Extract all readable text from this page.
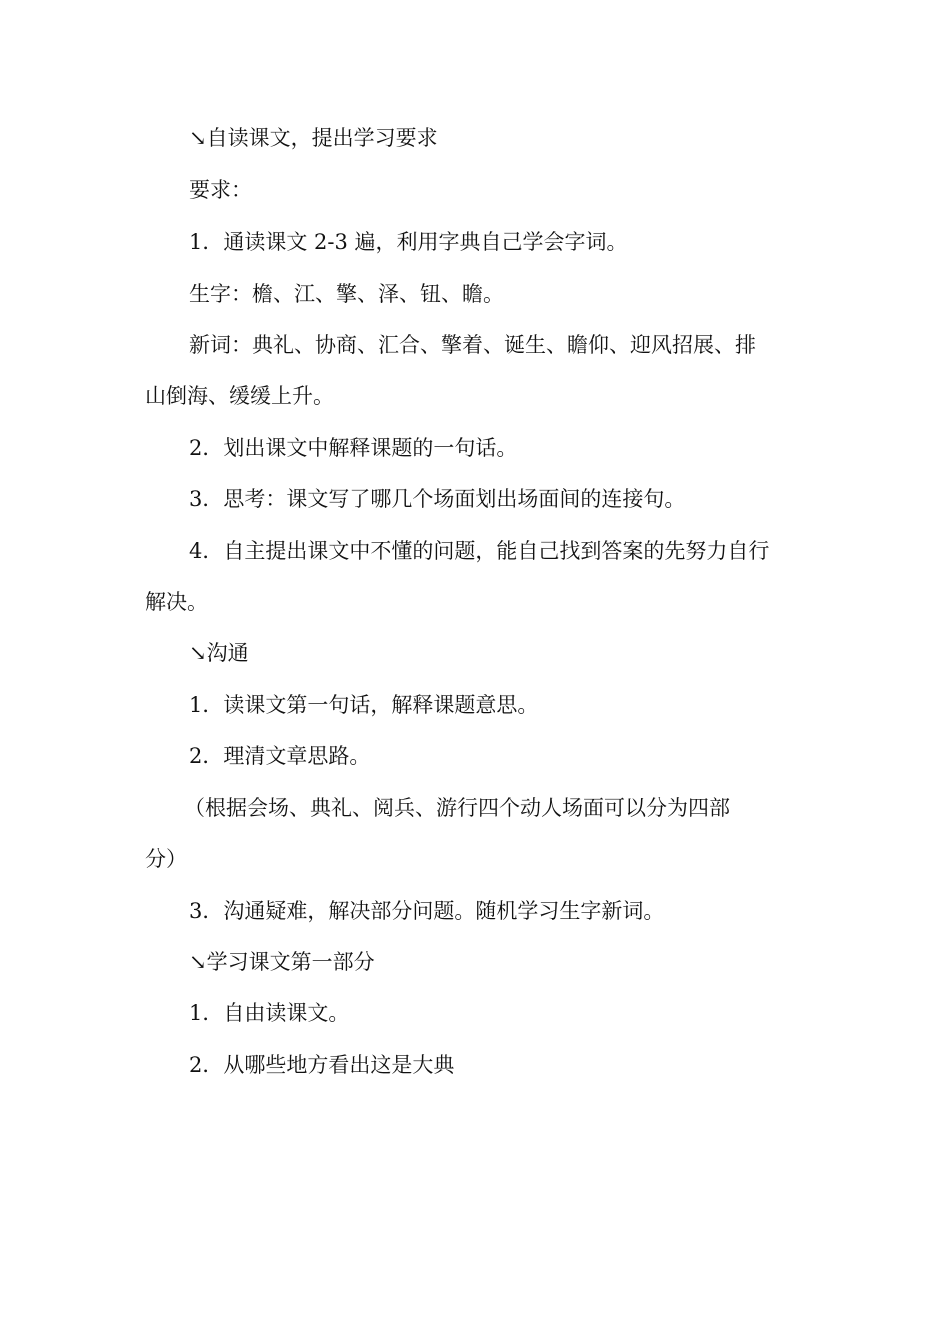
↘自读课文，提出学习要求
要求：
1．通读课文 2-3 遍，利用字典自己学会字词。
生字：檐、江、擎、泽、钮、瞻。
新词：典礼、协商、汇合、擎着、诞生、瞻仰、迎风招展、排
山倒海、缓缓上升。
2．划出课文中解释课题的一句话。
3．思考：课文写了哪几个场面划出场面间的连接句。
4．自主提出课文中不懂的问题，能自己找到答案的先努力自行
解决。
↘沟通
1．读课文第一句话，解释课题意思。
2．理清文章思路。
（根据会场、典礼、阅兵、游行四个动人场面可以分为四部
分）
3．沟通疑难，解决部分问题。随机学习生字新词。
↘学习课文第一部分
1．自由读课文。
2．从哪些地方看出这是大典
